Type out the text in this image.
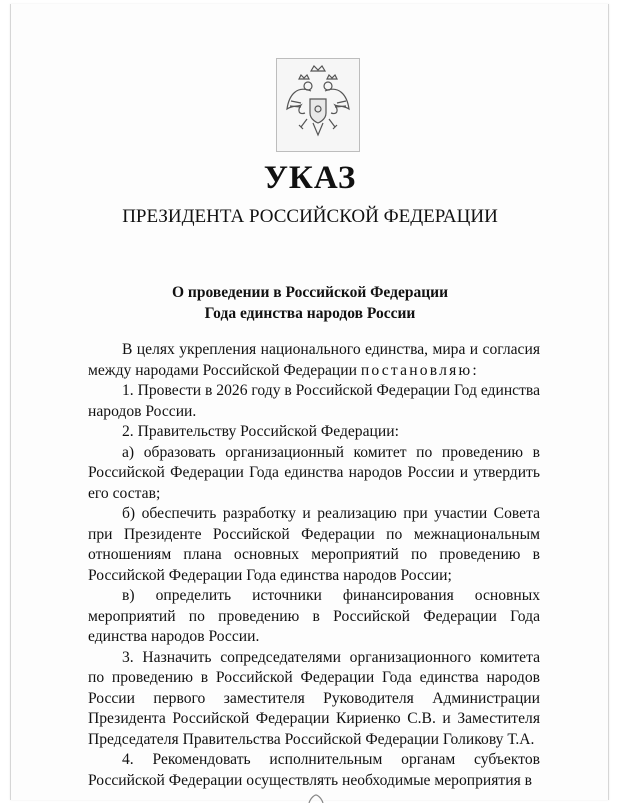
УКАЗ
ПРЕЗИДЕНТА РОССИЙСКОЙ ФЕДЕРАЦИИ
О проведении в Российской Федерации
Года единства народов России

В целях укрепления национального единства, мира и согласия между народами Российской Федерации постановляю:

1. Провести в 2026 году в Российской Федерации Год единства народов России.

2. Правительству Российской Федерации:

а) образовать организационный комитет по проведению в Российской Федерации Года единства народов России и утвердить его состав;

б) обеспечить разработку и реализацию при участии Совета при Президенте Российской Федерации по межнациональным отношениям плана основных мероприятий по проведению в Российской Федерации Года единства народов России;

в) определить источники финансирования основных мероприятий по проведению в Российской Федерации Года единства народов России.

3. Назначить сопредседателями организационного комитета по проведению в Российской Федерации Года единства народов России первого заместителя Руководителя Администрации Президента Российской Федерации Кириенко С.В. и Заместителя Председателя Правительства Российской Федерации Голикову Т.А.

4. Рекомендовать исполнительным органам субъектов Российской Федерации осуществлять необходимые мероприятия в
